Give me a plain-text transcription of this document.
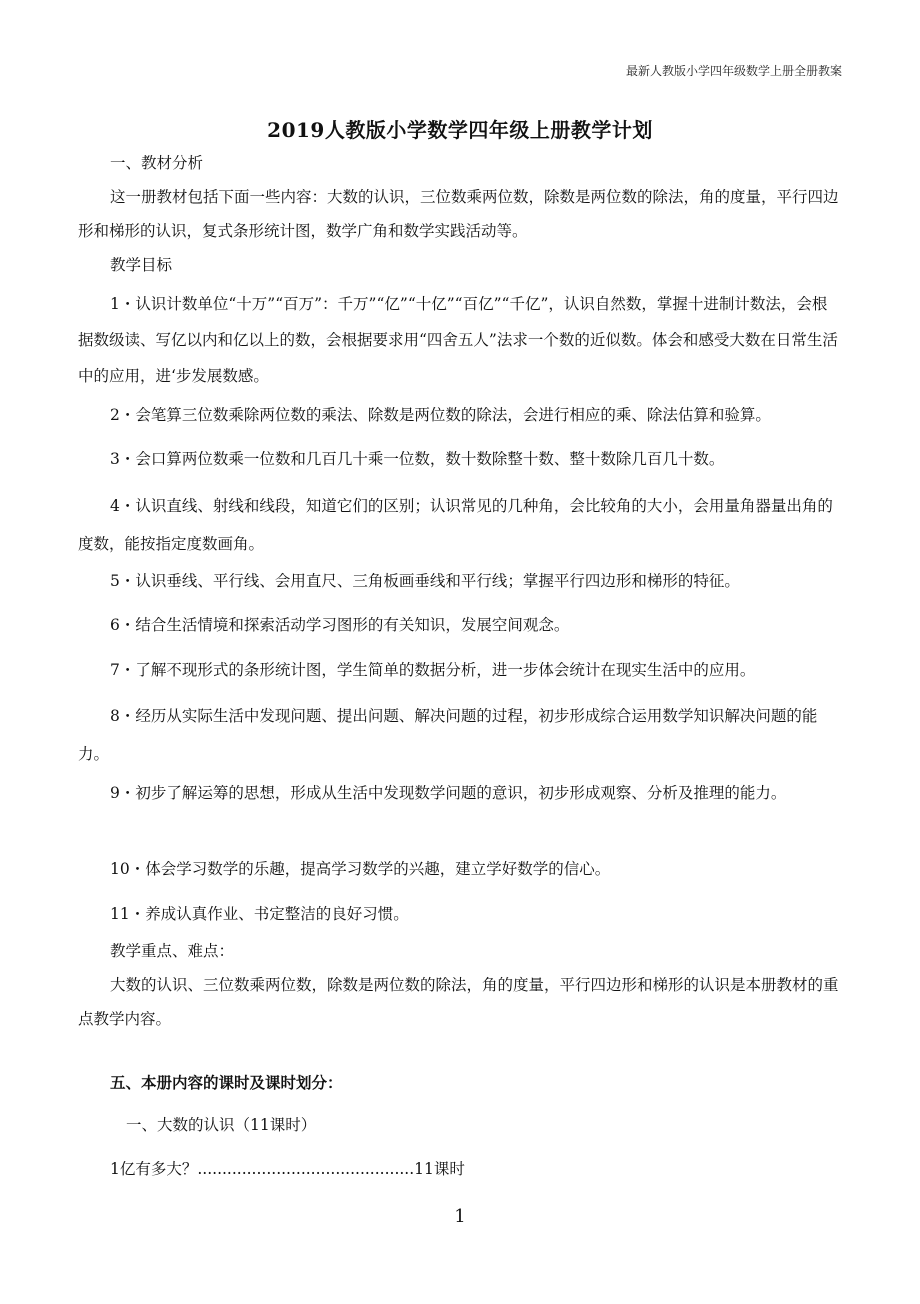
最新人教版小学四年级数学上册全册教案
2019人教版小学数学四年级上册教学计划
一、教材分析
这一册教材包括下面一些内容：大数的认识，三位数乘两位数，除数是两位数的除法，角的度量，平行四边形和梯形的认识，复式条形统计图，数学广角和数学实践活动等。
教学目标
1・认识计数单位“十万”“百万”：千万”“亿”“十亿”“百亿”“千亿”，认识自然数，掌握十进制计数法，会根据数级读、写亿以内和亿以上的数，会根据要求用“四舍五人”法求一个数的近似数。体会和感受大数在日常生活中的应用，进‘步发展数感。
2・会笔算三位数乘除两位数的乘法、除数是两位数的除法，会进行相应的乘、除法估算和验算。
3・会口算两位数乘一位数和几百几十乘一位数，数十数除整十数、整十数除几百几十数。
4・认识直线、射线和线段，知道它们的区别；认识常见的几种角，会比较角的大小，会用量角器量出角的度数，能按指定度数画角。
5・认识垂线、平行线、会用直尺、三角板画垂线和平行线；掌握平行四边形和梯形的特征。
6・结合生活情境和探索活动学习图形的有关知识，发展空间观念。
7・了解不现形式的条形统计图，学生简单的数据分析，进一步体会统计在现实生活中的应用。
8・经历从实际生活中发现问题、提出问题、解决问题的过程，初步形成综合运用数学知识解决问题的能力。
9・初步了解运筹的思想，形成从生活中发现数学问题的意识，初步形成观察、分析及推理的能力。
10・体会学习数学的乐趣，提高学习数学的兴趣，建立学好数学的信心。
11・养成认真作业、书定整洁的良好习惯。
教学重点、难点：
大数的认识、三位数乘两位数，除数是两位数的除法，角的度量，平行四边形和梯形的认识是本册教材的重点教学内容。
五、本册内容的课时及课时划分：
一、大数的认识（11课时）
1亿有多大？............................................11课时
1
